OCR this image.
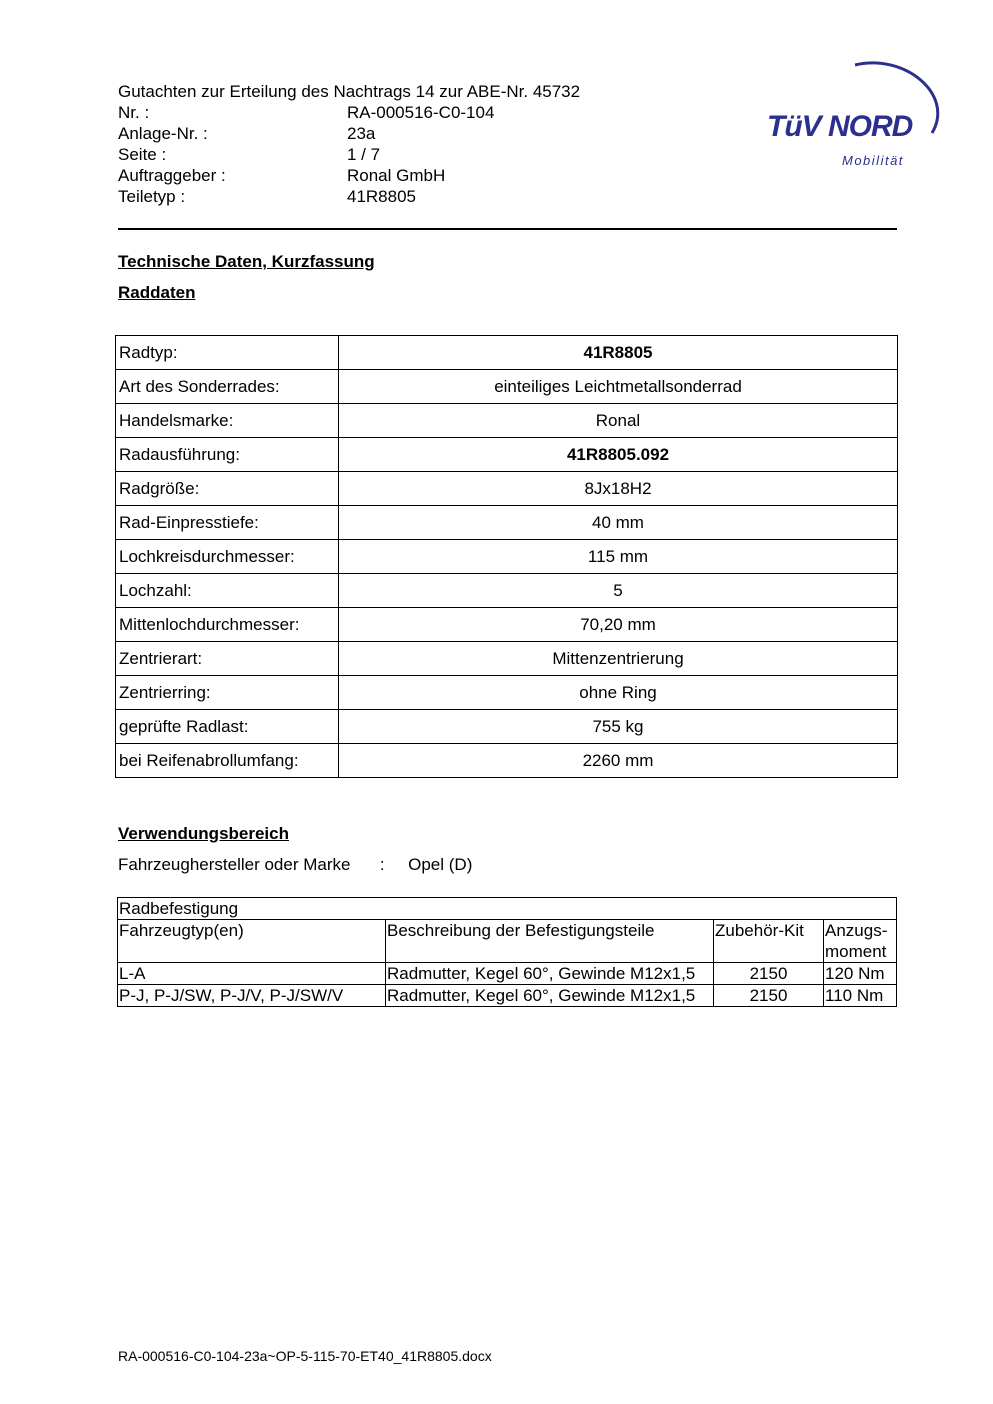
Gutachten zur Erteilung des Nachtrags 14 zur ABE-Nr. 45732
Nr. :	RA-000516-C0-104
Anlage-Nr. :	23a
Seite :	1 / 7
Auftraggeber :	Ronal GmbH
Teiletyp :	41R8805
TüV NORD
Mobilität
Technische Daten, Kurzfassung
Raddaten
Radtyp:	41R8805
Art des Sonderrades:	einteiliges Leichtmetallsonderrad
Handelsmarke:	Ronal
Radausführung:	41R8805.092
Radgröße:	8Jx18H2
Rad-Einpresstiefe:	40 mm
Lochkreisdurchmesser:	115 mm
Lochzahl:	5
Mittenlochdurchmesser:	70,20 mm
Zentrierart:	Mittenzentrierung
Zentrierring:	ohne Ring
geprüfte Radlast:	755 kg
bei Reifenabrollumfang:	2260 mm
Verwendungsbereich
Fahrzeughersteller oder Marke : Opel (D)
Radbefestigung			
Fahrzeugtyp(en)	Beschreibung der Befestigungsteile	Zubehör-Kit	Anzugs-
moment
L-A	Radmutter, Kegel 60°, Gewinde M12x1,5	2150	120 Nm
P-J, P-J/SW, P-J/V, P-J/SW/V	Radmutter, Kegel 60°, Gewinde M12x1,5	2150	110 Nm
RA-000516-C0-104-23a~OP-5-115-70-ET40_41R8805.docx
